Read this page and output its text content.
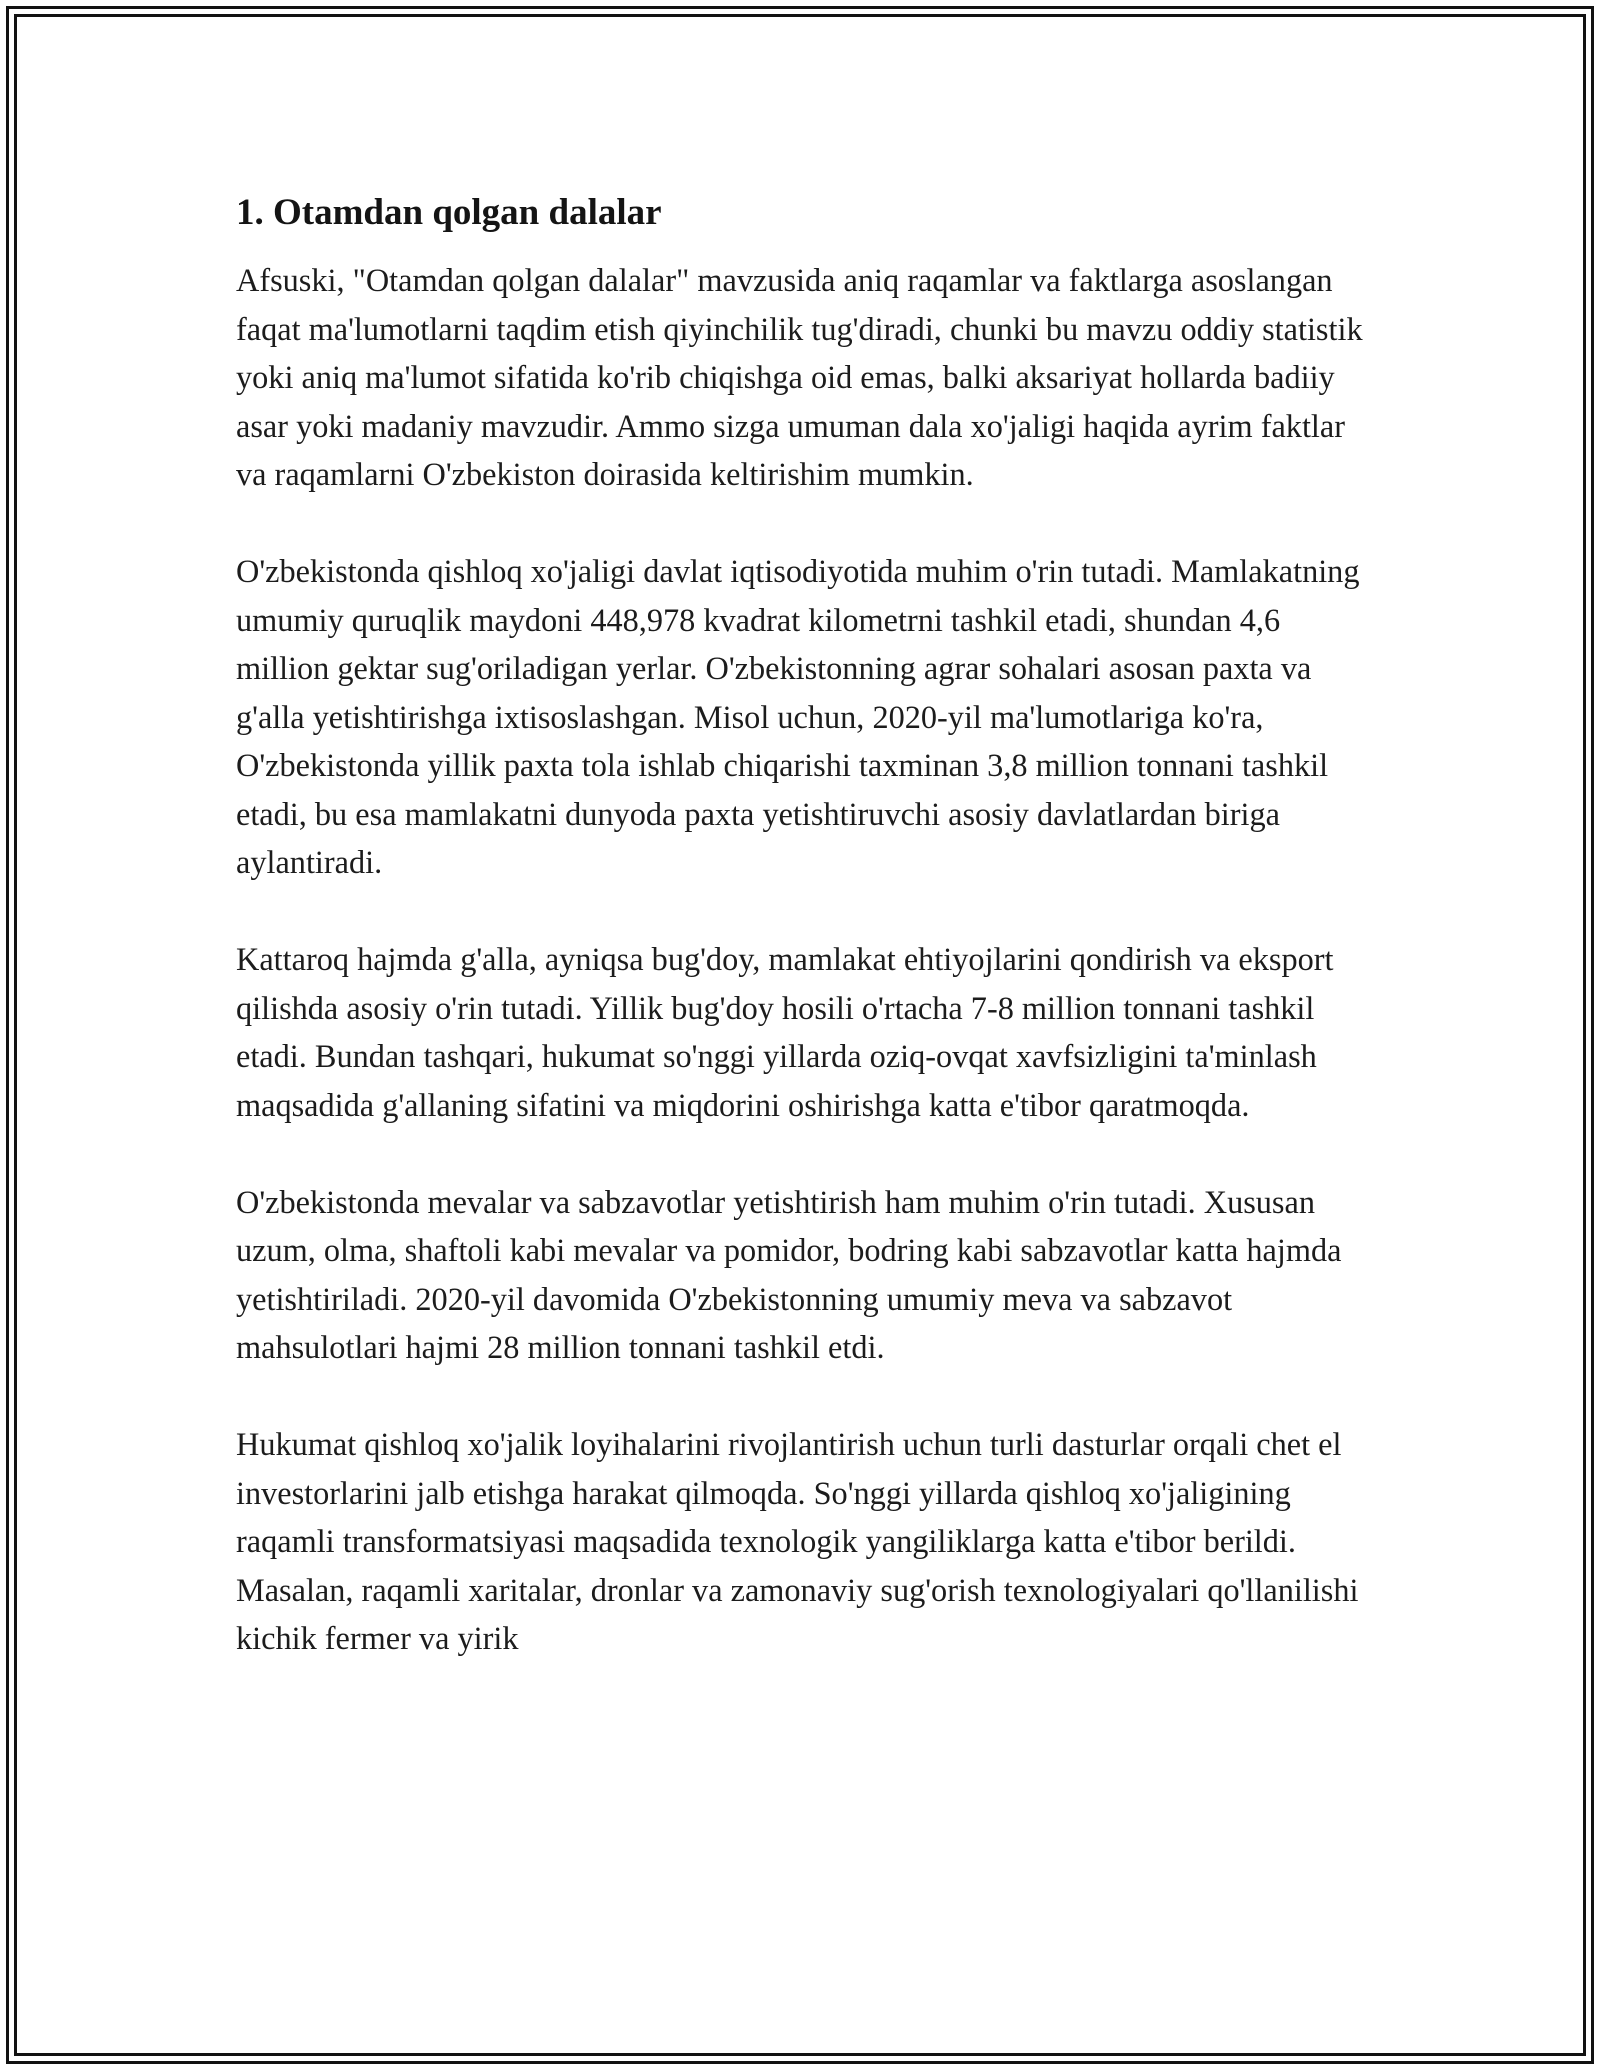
1. Otamdan qolgan dalalar

Afsuski, "Otamdan qolgan dalalar" mavzusida aniq raqamlar va faktlarga asoslangan faqat ma'lumotlarni taqdim etish qiyinchilik tug'diradi, chunki bu mavzu oddiy statistik yoki aniq ma'lumot sifatida ko'rib chiqishga oid emas, balki aksariyat hollarda badiiy asar yoki madaniy mavzudir. Ammo sizga umuman dala xo'jaligi haqida ayrim faktlar va raqamlarni O'zbekiston doirasida keltirishim mumkin.

O'zbekistonda qishloq xo'jaligi davlat iqtisodiyotida muhim o'rin tutadi. Mamlakatning umumiy quruqlik maydoni 448,978 kvadrat kilometrni tashkil etadi, shundan 4,6 million gektar sug'oriladigan yerlar. O'zbekistonning agrar sohalari asosan paxta va g'alla yetishtirishga ixtisoslashgan. Misol uchun, 2020-yil ma'lumotlariga ko'ra, O'zbekistonda yillik paxta tola ishlab chiqarishi taxminan 3,8 million tonnani tashkil etadi, bu esa mamlakatni dunyoda paxta yetishtiruvchi asosiy davlatlardan biriga aylantiradi.

Kattaroq hajmda g'alla, ayniqsa bug'doy, mamlakat ehtiyojlarini qondirish va eksport qilishda asosiy o'rin tutadi. Yillik bug'doy hosili o'rtacha 7-8 million tonnani tashkil etadi. Bundan tashqari, hukumat so'nggi yillarda oziq-ovqat xavfsizligini ta'minlash maqsadida g'allaning sifatini va miqdorini oshirishga katta e'tibor qaratmoqda.

O'zbekistonda mevalar va sabzavotlar yetishtirish ham muhim o'rin tutadi. Xususan uzum, olma, shaftoli kabi mevalar va pomidor, bodring kabi sabzavotlar katta hajmda yetishtiriladi. 2020-yil davomida O'zbekistonning umumiy meva va sabzavot mahsulotlari hajmi 28 million tonnani tashkil etdi.

Hukumat qishloq xo'jalik loyihalarini rivojlantirish uchun turli dasturlar orqali chet el investorlarini jalb etishga harakat qilmoqda. So'nggi yillarda qishloq xo'jaligining raqamli transformatsiyasi maqsadida texnologik yangiliklarga katta e'tibor berildi. Masalan, raqamli xaritalar, dronlar va zamonaviy sug'orish texnologiyalari qo'llanilishi kichik fermer va yirik
